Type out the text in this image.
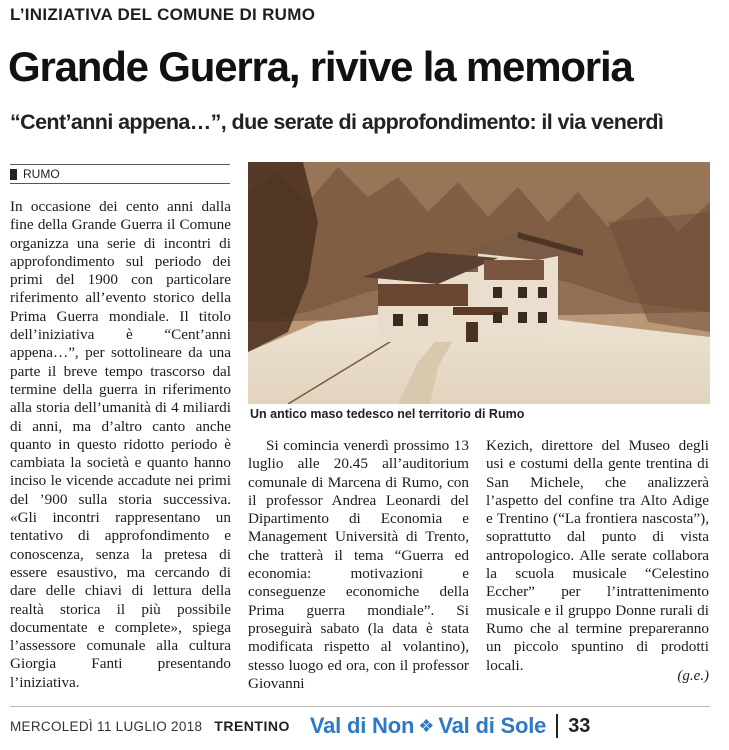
L’INIZIATIVA DEL COMUNE DI RUMO
Grande Guerra, rivive la memoria
“Cent’anni appena…”, due serate di approfondimento: il via venerdì
RUMO

In occasione dei cento anni dalla fine della Grande Guerra il Comune organizza una serie di incontri di approfondimento sul periodo dei primi del 1900 con particolare riferimento all’evento storico della Prima Guerra mondiale. Il titolo dell’iniziativa è “Cent’anni appena…”, per sottolineare da una parte il breve tempo trascorso dal termine della guerra in riferimento alla storia dell’umanità di 4 miliardi di anni, ma d’altro canto anche quanto in questo ridotto periodo è cambiata la società e quanto hanno inciso le vicende accadute nei primi del ’900 sulla storia successiva. «Gli incontri rappresentano un tentativo di approfondimento e conoscenza, senza la pretesa di essere esaustivo, ma cercando di dare delle chiavi di lettura della realtà storica il più possibile documentate e complete», spiega l’assessore comunale alla cultura Giorgia Fanti presentando l’iniziativa.

Un antico maso tedesco nel territorio di Rumo

Si comincia venerdì prossimo 13 luglio alle 20.45 all’auditorium comunale di Marcena di Rumo, con il professor Andrea Leonardi del Dipartimento di Economia e Management Università di Trento, che tratterà il tema “Guerra ed economia: motivazioni e conseguenze economiche della Prima guerra mondiale”. Si proseguirà sabato (la data è stata modificata rispetto al volantino), stesso luogo ed ora, con il professor Giovanni

Kezich, direttore del Museo degli usi e costumi della gente trentina di San Michele, che analizzerà l’aspetto del confine tra Alto Adige e Trentino (“La frontiera nascosta”), soprattutto dal punto di vista antropologico. Alle serate collabora la scuola musicale “Celestino Eccher” per l’intrattenimento musicale e il gruppo Donne rurali di Rumo che al termine prepareranno un piccolo spuntino di prodotti locali.

(g.e.)
MERCOLEDÌ 11 LUGLIO 2018 TRENTINO Val di Non ❖ Val di Sole 33
